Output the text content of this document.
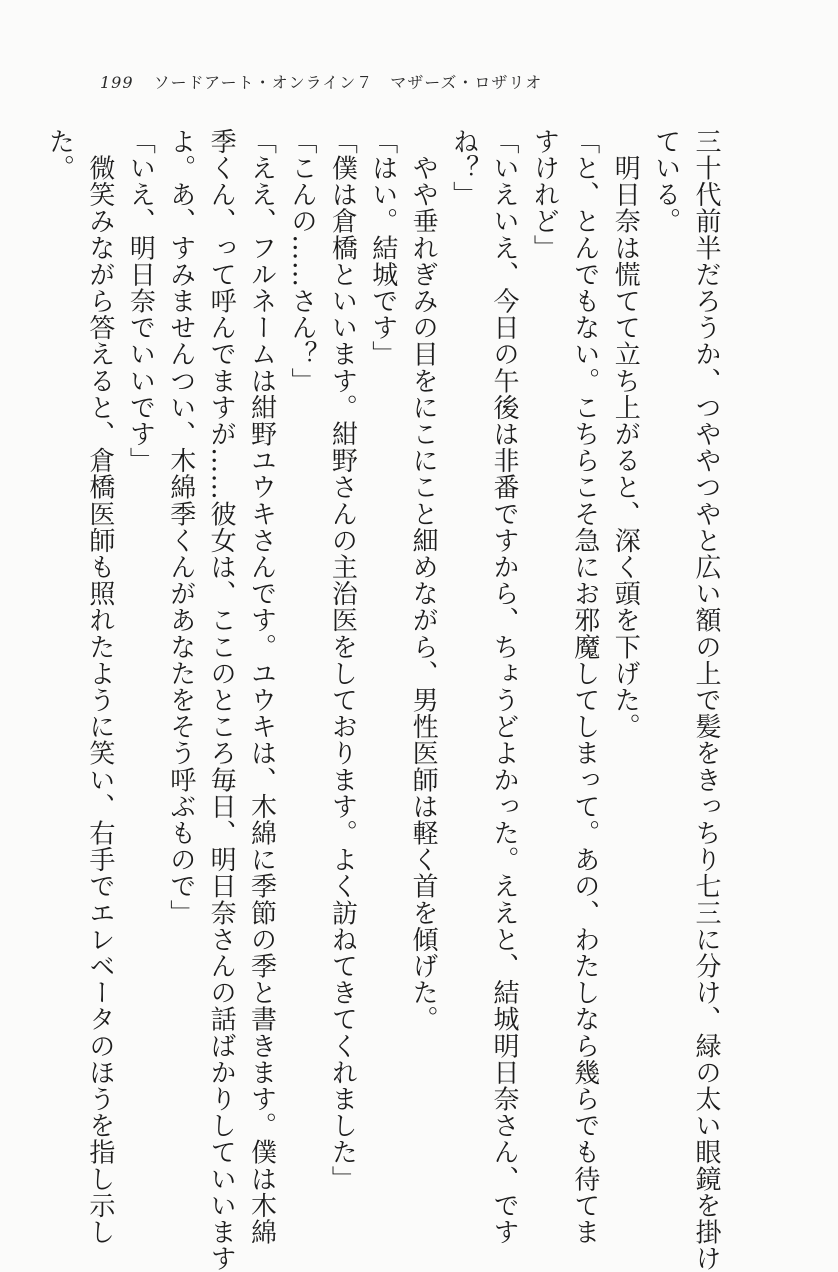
199 ソードアート・オンライン７　マザーズ・ロザリオ
三十代前半だろうか、つややつやと広い額の上で髪をきっちり七三に分け、緑の太い眼鏡を掛け
ている。
　明日奈は慌てて立ち上がると、深く頭を下げた。
「と、とんでもない。こちらこそ急にお邪魔してしまって。あの、わたしなら幾らでも待てま
すけれど」
「いえいえ、今日の午後は非番ですから、ちょうどよかった。ええと、結城明日奈さん、です
ね？」
　やや垂れぎみの目をにこにこと細めながら、男性医師は軽く首を傾げた。
「はい。結城です」
「僕は倉橋といいます。紺野さんの主治医をしております。よく訪ねてきてくれました」
「こんの……さん？」
「ええ、フルネームは紺野ユウキさんです。ユウキは、木綿に季節の季と書きます。僕は木綿
季くん、って呼んでますが……彼女は、ここのところ毎日、明日奈さんの話ばかりしていいます
よ。あ、すみませんつい、木綿季くんがあなたをそう呼ぶもので」
「いえ、明日奈でいいです」
　微笑みながら答えると、倉橋医師も照れたように笑い、右手でエレベータのほうを指し示し
た。
